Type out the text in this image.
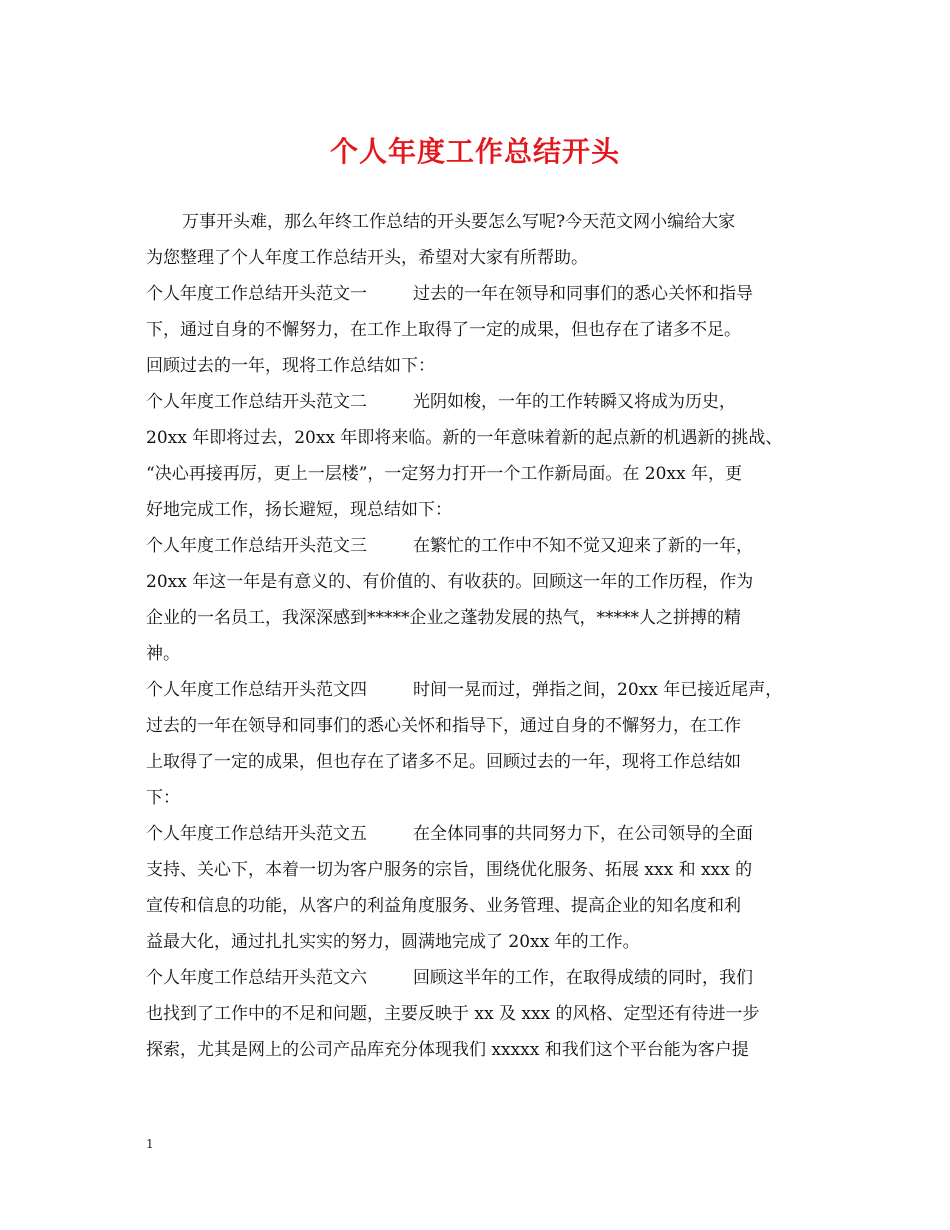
个人年度工作总结开头
万事开头难，那么年终工作总结的开头要怎么写呢?今天范文网小编给大家
为您整理了个人年度工作总结开头，希望对大家有所帮助。
个人年度工作总结开头范文一	过去的一年在领导和同事们的悉心关怀和指导
下，通过自身的不懈努力，在工作上取得了一定的成果，但也存在了诸多不足。
回顾过去的一年，现将工作总结如下：
个人年度工作总结开头范文二	光阴如梭，一年的工作转瞬又将成为历史，
20xx 年即将过去，20xx 年即将来临。新的一年意味着新的起点新的机遇新的挑战、
“决心再接再厉，更上一层楼”，一定努力打开一个工作新局面。在 20xx 年，更
好地完成工作，扬长避短，现总结如下：
个人年度工作总结开头范文三	在繁忙的工作中不知不觉又迎来了新的一年，
20xx 年这一年是有意义的、有价值的、有收获的。回顾这一年的工作历程，作为
企业的一名员工，我深深感到*****企业之蓬勃发展的热气，*****人之拼搏的精
神。
个人年度工作总结开头范文四	时间一晃而过，弹指之间，20xx 年已接近尾声，
过去的一年在领导和同事们的悉心关怀和指导下，通过自身的不懈努力，在工作
上取得了一定的成果，但也存在了诸多不足。回顾过去的一年，现将工作总结如
下：
个人年度工作总结开头范文五	在全体同事的共同努力下，在公司领导的全面
支持、关心下，本着一切为客户服务的宗旨，围绕优化服务、拓展 xxx 和 xxx 的
宣传和信息的功能，从客户的利益角度服务、业务管理、提高企业的知名度和利
益最大化，通过扎扎实实的努力，圆满地完成了 20xx 年的工作。
个人年度工作总结开头范文六	回顾这半年的工作，在取得成绩的同时，我们
也找到了工作中的不足和问题，主要反映于 xx 及 xxx 的风格、定型还有待进一步
探索，尤其是网上的公司产品库充分体现我们 xxxxx 和我们这个平台能为客户提
1
